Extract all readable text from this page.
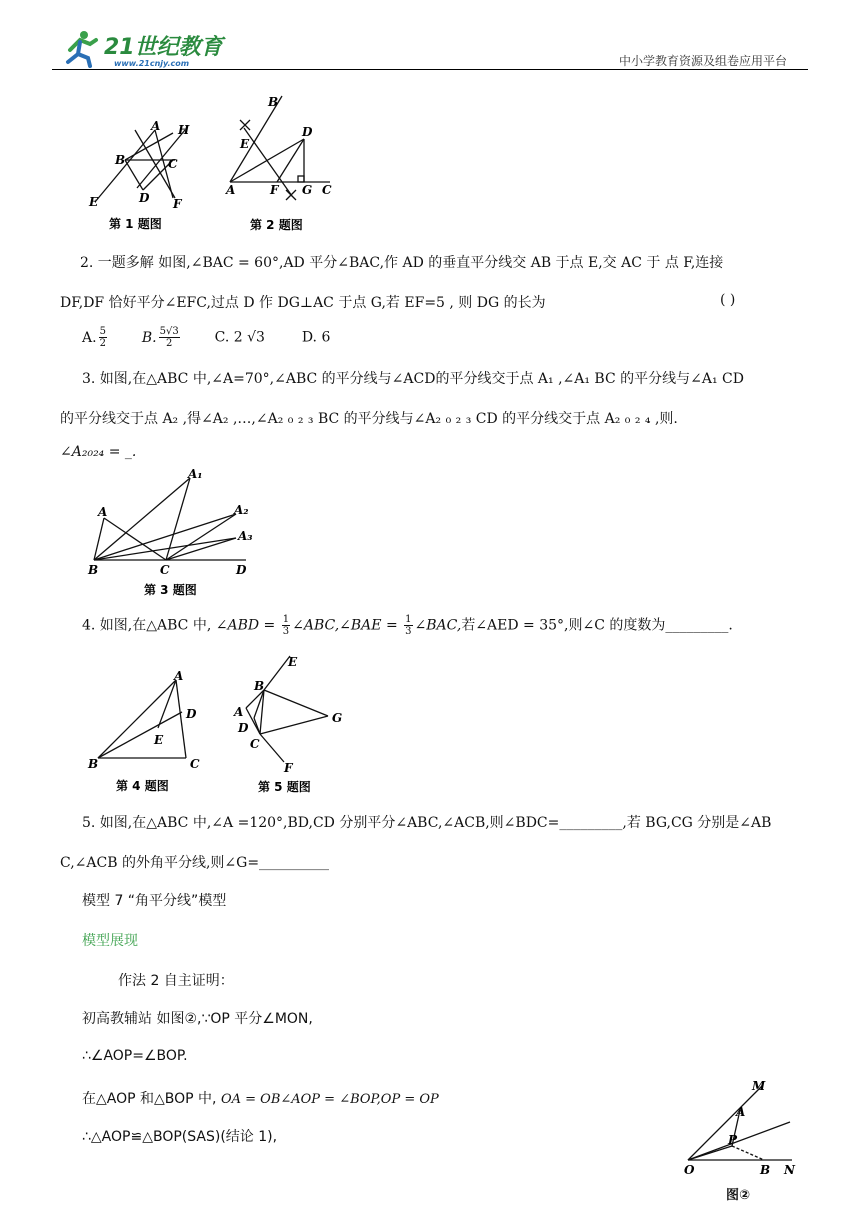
21世纪教育
www.21cnjy.com	中小学教育资源及组卷应用平台
A H
B	C
E	D F
第 1 题图
B
E
D
A	F G C
第 2 题图
2. 一题多解 如图,∠BAC = 60°,AD 平分∠BAC,作 AD 的垂直平分线交 AB 于点 E,交 AC 于 点 F,连接
DF,DF 恰好平分∠EFC,过点 D 作 DG⊥AC 于点 G,若 EF=5 , 则 DG 的长为	( )
A. $\frac{5}{2} B$. $\frac{5√3}{2} C$. 2 √3	D. 6
3. 如图,在△ABC 中,∠A=70°,∠ABC 的平分线与∠ACD的平分线交于点 A₁ ,∠A₁ BC 的平分线与∠A₁ CD
的平分线交于点 A₂ ,得∠A₂ ,…,∠A₂ ₀ ₂ ₃ BC 的平分线与∠A₂ ₀ ₂ ₃ CD 的平分线交于点 A₂ ₀ ₂ ₄ ,则.
∠A₂₀₂₄ = _.
A
A₁
A₂
A₃
B	C	D
第 3 题图
4. 如图,在△ABC 中, ∠ABD = $\frac{1}{3}$ ∠ABC,∠BAE = $\frac{1}{3}$ ∠BAC,若∠AED = 35°,则∠C 的度数为_________.
A
D
E
B	C
第 4 题图
E
B
A
D
C
G
F
第 5 题图
5. 如图,在△ABC 中,∠A =120°,BD,CD 分别平分∠ABC,∠ACB,则∠BDC=_________,若 BG,CG 分别是∠AB
C,∠ACB 的外角平分线,则∠G=__________
模型 7 “角平分线”模型
模型展现
作法 2 自主证明：
初高教辅站 如图②,∵OP 平分∠MON,
∴∠AOP=∠BOP.
在△AOP 和△BOP 中, OA = OB∠AOP = ∠BOP,OP = OP
∴△AOP≌△BOP(SAS)(结论 1),
M
A
P
O	B N
图②
